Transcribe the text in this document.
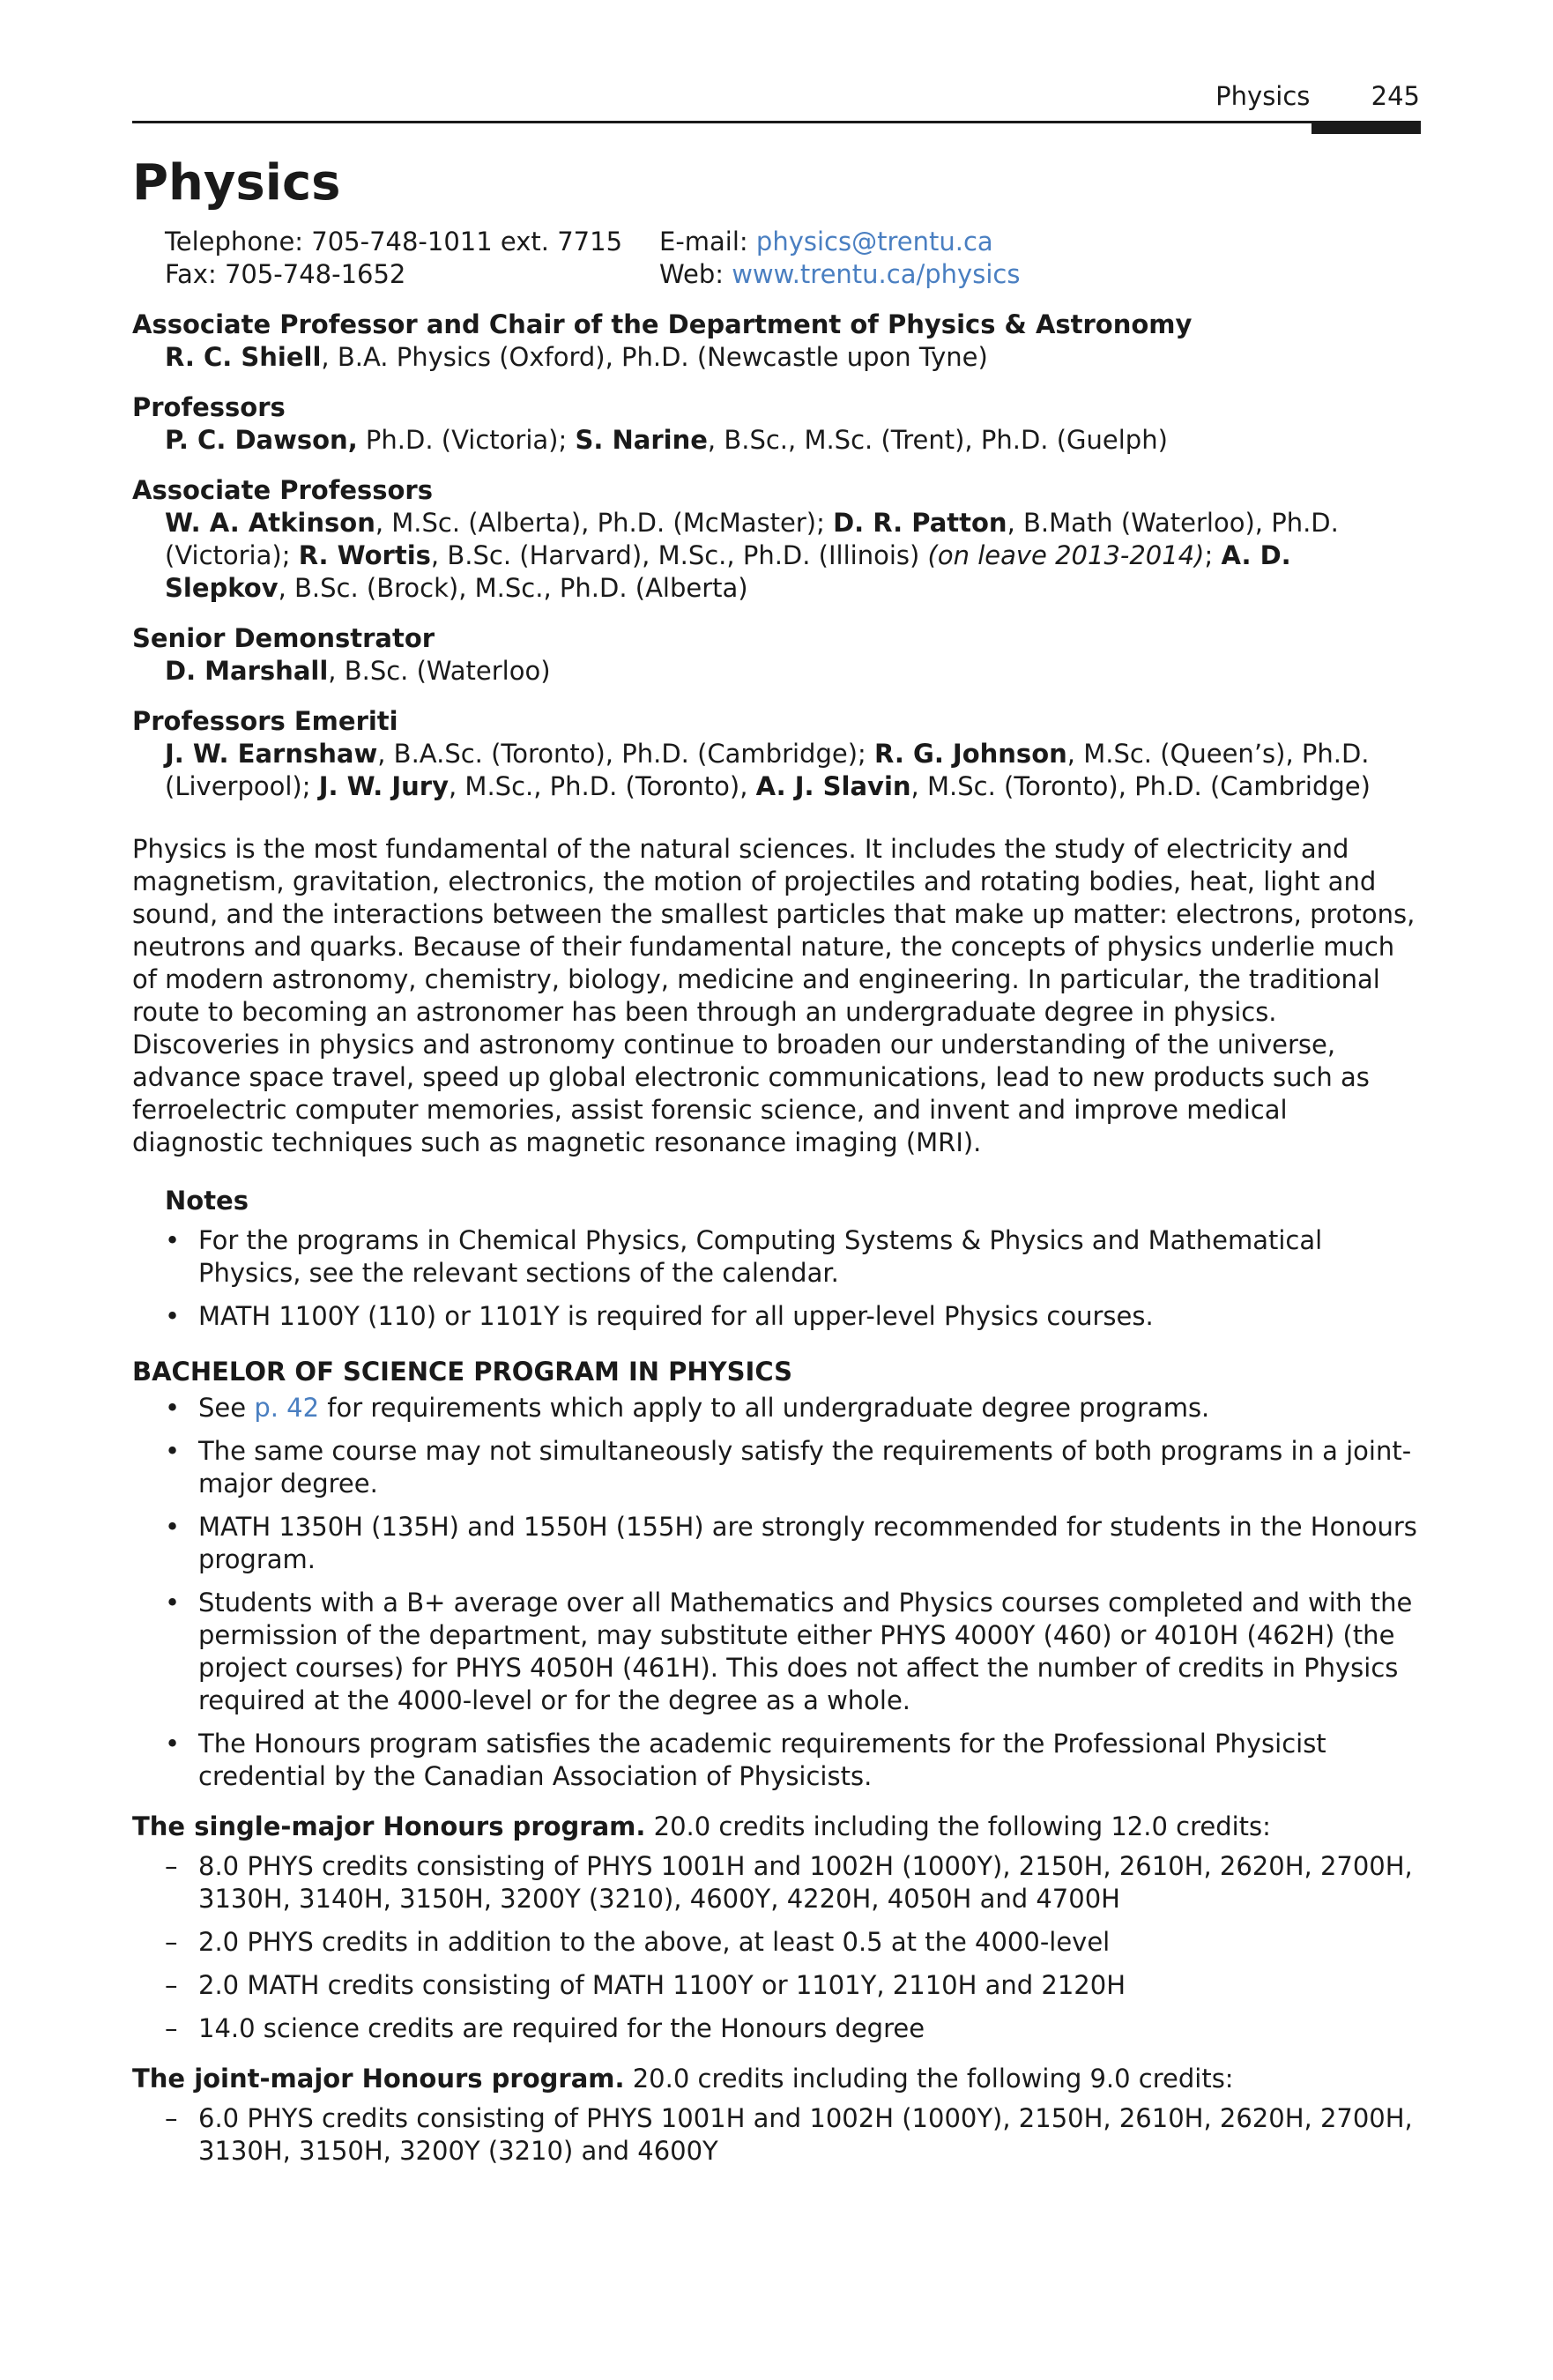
Physics 245
Physics
Telephone: 705-748-1011 ext. 7715	E-mail: physics@trentu.ca
Fax: 705-748-1652	Web: www.trentu.ca/physics
Associate Professor and Chair of the Department of Physics & Astronomy
R. C. Shiell, B.A. Physics (Oxford), Ph.D. (Newcastle upon Tyne)
Professors
P. C. Dawson, Ph.D. (Victoria); S. Narine, B.Sc., M.Sc. (Trent), Ph.D. (Guelph)
Associate Professors
W. A. Atkinson, M.Sc. (Alberta), Ph.D. (McMaster); D. R. Patton, B.Math (Waterloo), Ph.D. (Victoria); R. Wortis, B.Sc. (Harvard), M.Sc., Ph.D. (Illinois) (on leave 2013-2014); A. D. Slepkov, B.Sc. (Brock), M.Sc., Ph.D. (Alberta)
Senior Demonstrator
D. Marshall, B.Sc. (Waterloo)
Professors Emeriti
J. W. Earnshaw, B.A.Sc. (Toronto), Ph.D. (Cambridge); R. G. Johnson, M.Sc. (Queen’s), Ph.D. (Liverpool); J. W. Jury, M.Sc., Ph.D. (Toronto), A. J. Slavin, M.Sc. (Toronto), Ph.D. (Cambridge)

Physics is the most fundamental of the natural sciences. It includes the study of electricity and magnetism, gravitation, electronics, the motion of projectiles and rotating bodies, heat, light and sound, and the interactions between the smallest particles that make up matter: electrons, protons, neutrons and quarks. Because of their fundamental nature, the concepts of physics underlie much of modern astronomy, chemistry, biology, medicine and engineering. In particular, the traditional route to becoming an astronomer has been through an undergraduate degree in physics. Discoveries in physics and astronomy continue to broaden our understanding of the universe, advance space travel, speed up global electronic communications, lead to new products such as ferroelectric computer memories, assist forensic science, and invent and improve medical diagnostic techniques such as magnetic resonance imaging (MRI).

Notes
• For the programs in Chemical Physics, Computing Systems & Physics and Mathematical Physics, see the relevant sections of the calendar.
• MATH 1100Y (110) or 1101Y is required for all upper-level Physics courses.
BACHELOR OF SCIENCE PROGRAM IN PHYSICS
• See p. 42 for requirements which apply to all undergraduate degree programs.
• The same course may not simultaneously satisfy the requirements of both programs in a joint-major degree.
• MATH 1350H (135H) and 1550H (155H) are strongly recommended for students in the Honours program.
• Students with a B+ average over all Mathematics and Physics courses completed and with the permission of the department, may substitute either PHYS 4000Y (460) or 4010H (462H) (the project courses) for PHYS 4050H (461H). This does not affect the number of credits in Physics required at the 4000-level or for the degree as a whole.
• The Honours program satisfies the academic requirements for the Professional Physicist credential by the Canadian Association of Physicists.
The single-major Honours program. 20.0 credits including the following 12.0 credits:
– 8.0 PHYS credits consisting of PHYS 1001H and 1002H (1000Y), 2150H, 2610H, 2620H, 2700H, 3130H, 3140H, 3150H, 3200Y (3210), 4600Y, 4220H, 4050H and 4700H
– 2.0 PHYS credits in addition to the above, at least 0.5 at the 4000-level
– 2.0 MATH credits consisting of MATH 1100Y or 1101Y, 2110H and 2120H
– 14.0 science credits are required for the Honours degree
The joint-major Honours program. 20.0 credits including the following 9.0 credits:
– 6.0 PHYS credits consisting of PHYS 1001H and 1002H (1000Y), 2150H, 2610H, 2620H, 2700H, 3130H, 3150H, 3200Y (3210) and 4600Y
